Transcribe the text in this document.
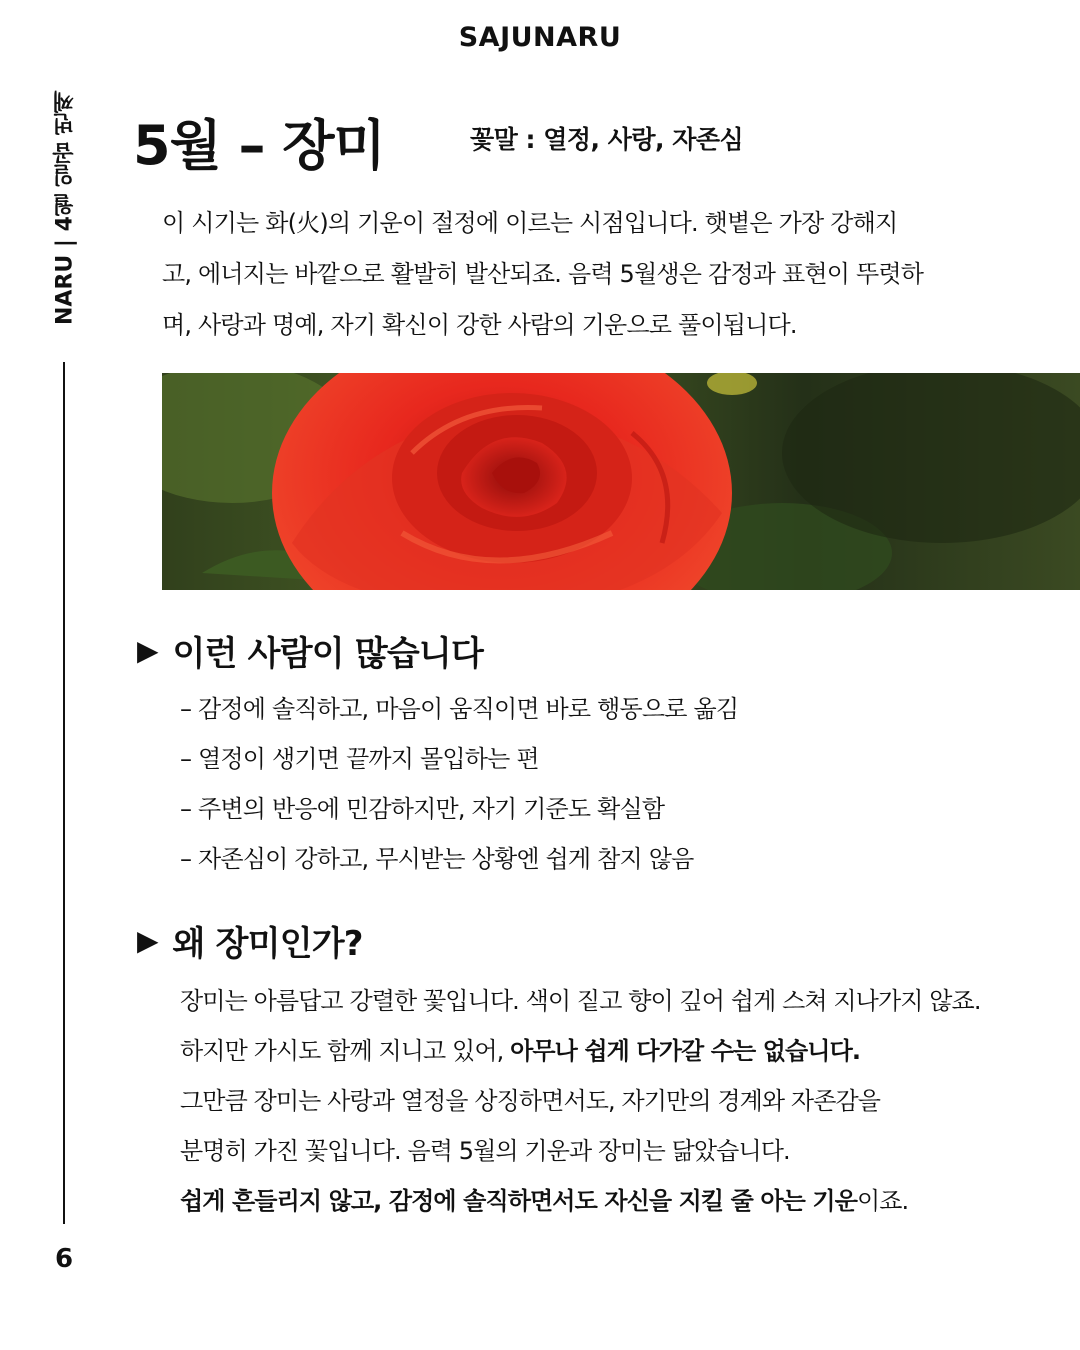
SAJUNARU
NARU | 4월 일곱 번째
6
5월 – 장미	꽃말 : 열정, 사랑, 자존심

이 시기는 화(火)의 기운이 절정에 이르는 시점입니다. 햇볕은 가장 강해지

고, 에너지는 바깥으로 활발히 발산되죠. 음력 5월생은 감정과 표현이 뚜렷하

며, 사랑과 명예, 자기 확신이 강한 사람의 기운으로 풀이됩니다.

▶ 이런 사람이 많습니다
– 감정에 솔직하고, 마음이 움직이면 바로 행동으로 옮김
– 열정이 생기면 끝까지 몰입하는 편
– 주변의 반응에 민감하지만, 자기 기준도 확실함
– 자존심이 강하고, 무시받는 상황엔 쉽게 참지 않음
▶ 왜 장미인가?

장미는 아름답고 강렬한 꽃입니다. 색이 짙고 향이 깊어 쉽게 스쳐 지나가지 않죠.

하지만 가시도 함께 지니고 있어, 아무나 쉽게 다가갈 수는 없습니다.

그만큼 장미는 사랑과 열정을 상징하면서도, 자기만의 경계와 자존감을

분명히 가진 꽃입니다. 음력 5월의 기운과 장미는 닮았습니다.

쉽게 흔들리지 않고, 감정에 솔직하면서도 자신을 지킬 줄 아는 기운이죠.
